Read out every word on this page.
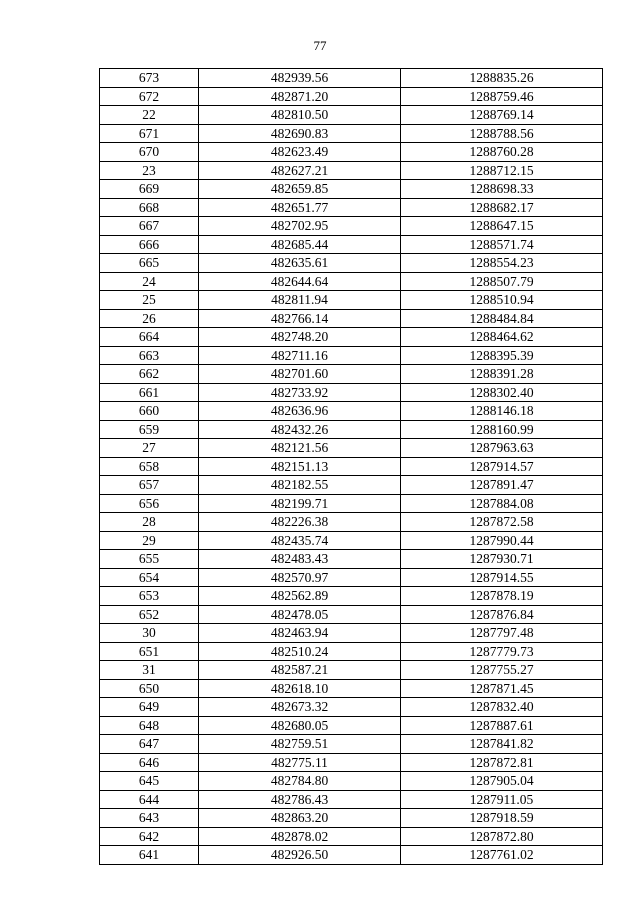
77
673	482939.56	1288835.26
672	482871.20	1288759.46
22	482810.50	1288769.14
671	482690.83	1288788.56
670	482623.49	1288760.28
23	482627.21	1288712.15
669	482659.85	1288698.33
668	482651.77	1288682.17
667	482702.95	1288647.15
666	482685.44	1288571.74
665	482635.61	1288554.23
24	482644.64	1288507.79
25	482811.94	1288510.94
26	482766.14	1288484.84
664	482748.20	1288464.62
663	482711.16	1288395.39
662	482701.60	1288391.28
661	482733.92	1288302.40
660	482636.96	1288146.18
659	482432.26	1288160.99
27	482121.56	1287963.63
658	482151.13	1287914.57
657	482182.55	1287891.47
656	482199.71	1287884.08
28	482226.38	1287872.58
29	482435.74	1287990.44
655	482483.43	1287930.71
654	482570.97	1287914.55
653	482562.89	1287878.19
652	482478.05	1287876.84
30	482463.94	1287797.48
651	482510.24	1287779.73
31	482587.21	1287755.27
650	482618.10	1287871.45
649	482673.32	1287832.40
648	482680.05	1287887.61
647	482759.51	1287841.82
646	482775.11	1287872.81
645	482784.80	1287905.04
644	482786.43	1287911.05
643	482863.20	1287918.59
642	482878.02	1287872.80
641	482926.50	1287761.02
